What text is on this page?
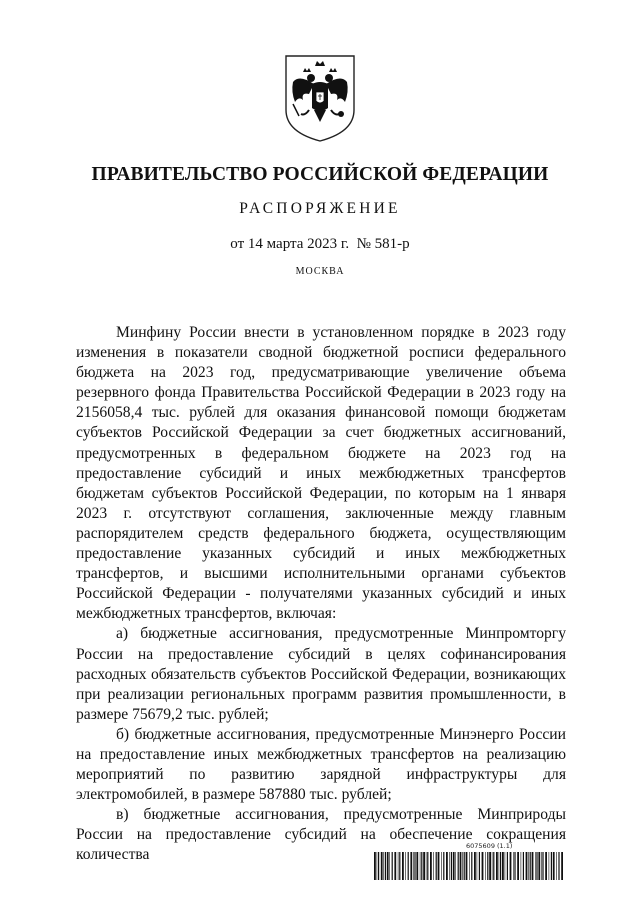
ПРАВИТЕЛЬСТВО РОССИЙСКОЙ ФЕДЕРАЦИИ
РАСПОРЯЖЕНИЕ
от 14 марта 2023 г. № 581-р
МОСКВА

Минфину России внести в установленном порядке в 2023 году изменения в показатели сводной бюджетной росписи федерального бюджета на 2023 год, предусматривающие увеличение объема резервного фонда Правительства Российской Федерации в 2023 году на 2156058,4 тыс. рублей для оказания финансовой помощи бюджетам субъектов Российской Федерации за счет бюджетных ассигнований, предусмотренных в федеральном бюджете на 2023 год на предоставление субсидий и иных межбюджетных трансфертов бюджетам субъектов Российской Федерации, по которым на 1 января 2023 г. отсутствуют соглашения, заключенные между главным распорядителем средств федерального бюджета, осуществляющим предоставление указанных субсидий и иных межбюджетных трансфертов, и высшими исполнительными органами субъектов Российской Федерации - получателями указанных субсидий и иных межбюджетных трансфертов, включая:

а) бюджетные ассигнования, предусмотренные Минпромторгу России на предоставление субсидий в целях софинансирования расходных обязательств субъектов Российской Федерации, возникающих при реализации региональных программ развития промышленности, в размере 75679,2 тыс. рублей;

б) бюджетные ассигнования, предусмотренные Минэнерго России на предоставление иных межбюджетных трансфертов на реализацию мероприятий по развитию зарядной инфраструктуры для электромобилей, в размере 587880 тыс. рублей;

в) бюджетные ассигнования, предусмотренные Минприроды России на предоставление субсидий на обеспечение сокращения количества

6075609 (1.1)
